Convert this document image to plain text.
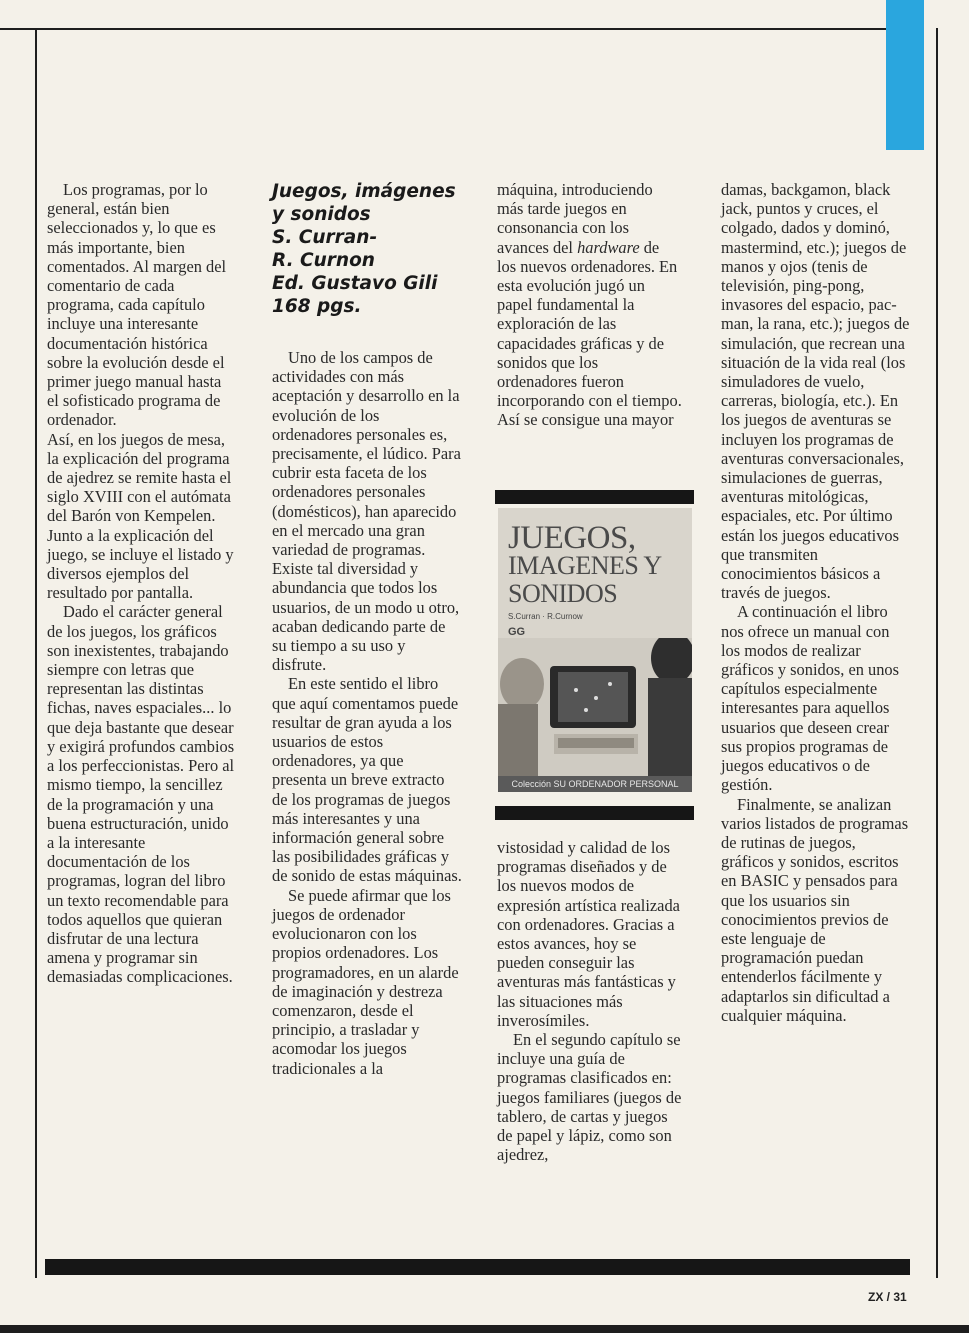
Los programas, por lo general, están bien seleccionados y, lo que es más importante, bien comentados. Al margen del comentario de cada programa, cada capítulo incluye una interesante documentación histórica sobre la evolución desde el primer juego manual hasta el sofisticado programa de ordenador.

Así, en los juegos de mesa, la explicación del programa de ajedrez se remite hasta el siglo XVIII con el autómata del Barón von Kempelen. Junto a la explicación del juego, se incluye el listado y diversos ejemplos del resultado por pantalla.

Dado el carácter general de los juegos, los gráficos son inexistentes, trabajando siempre con letras que representan las distintas fichas, naves espaciales... lo que deja bastante que desear y exigirá profundos cambios a los perfeccionistas. Pero al mismo tiempo, la sencillez de la programación y una buena estructuración, unido a la interesante documentación de los programas, logran del libro un texto recomendable para todos aquellos que quieran disfrutar de una lectura amena y programar sin demasiadas complicaciones.

Juegos, imágenes
y sonidos
S. Curran-
R. Curnon
Ed. Gustavo Gili
168 pgs.

Uno de los campos de actividades con más aceptación y desarrollo en la evolución de los ordenadores personales es, precisamente, el lúdico. Para cubrir esta faceta de los ordenadores personales (domésticos), han aparecido en el mercado una gran variedad de programas. Existe tal diversidad y abundancia que todos los usuarios, de un modo u otro, acaban dedicando parte de su tiempo a su uso y disfrute.

En este sentido el libro que aquí comentamos puede resultar de gran ayuda a los usuarios de estos ordenadores, ya que presenta un breve extracto de los programas de juegos más interesantes y una información general sobre las posibilidades gráficas y de sonido de estas máquinas.

Se puede afirmar que los juegos de ordenador evolucionaron con los propios ordenadores. Los programadores, en un alarde de imaginación y destreza comenzaron, desde el principio, a trasladar y acomodar los juegos tradicionales a la

máquina, introduciendo más tarde juegos en consonancia con los avances del hardware de los nuevos ordenadores. En esta evolución jugó un papel fundamental la exploración de las capacidades gráficas y de sonidos que los ordenadores fueron incorporando con el tiempo. Así se consigue una mayor

JUEGOS,
IMAGENES Y
SONIDOS
S.Curran · R.Curnow
GG
Colección SU ORDENADOR PERSONAL

vistosidad y calidad de los programas diseñados y de los nuevos modos de expresión artística realizada con ordenadores. Gracias a estos avances, hoy se pueden conseguir las aventuras más fantásticas y las situaciones más inverosímiles.

En el segundo capítulo se incluye una guía de programas clasificados en: juegos familiares (juegos de tablero, de cartas y juegos de papel y lápiz, como son ajedrez,

damas, backgamon, black jack, puntos y cruces, el colgado, dados y dominó, mastermind, etc.); juegos de manos y ojos (tenis de televisión, ping-pong, invasores del espacio, pac-man, la rana, etc.); juegos de simulación, que recrean una situación de la vida real (los simuladores de vuelo, carreras, biología, etc.). En los juegos de aventuras se incluyen los programas de aventuras conversacionales, simulaciones de guerras, aventuras mitológicas, espaciales, etc. Por último están los juegos educativos que transmiten conocimientos básicos a través de juegos.

A continuación el libro nos ofrece un manual con los modos de realizar gráficos y sonidos, en unos capítulos especialmente interesantes para aquellos usuarios que deseen crear sus propios programas de juegos educativos o de gestión.

Finalmente, se analizan varios listados de programas de rutinas de juegos, gráficos y sonidos, escritos en BASIC y pensados para que los usuarios sin conocimientos previos de este lenguaje de programación puedan entenderlos fácilmente y adaptarlos sin dificultad a cualquier máquina.

ZX / 31
